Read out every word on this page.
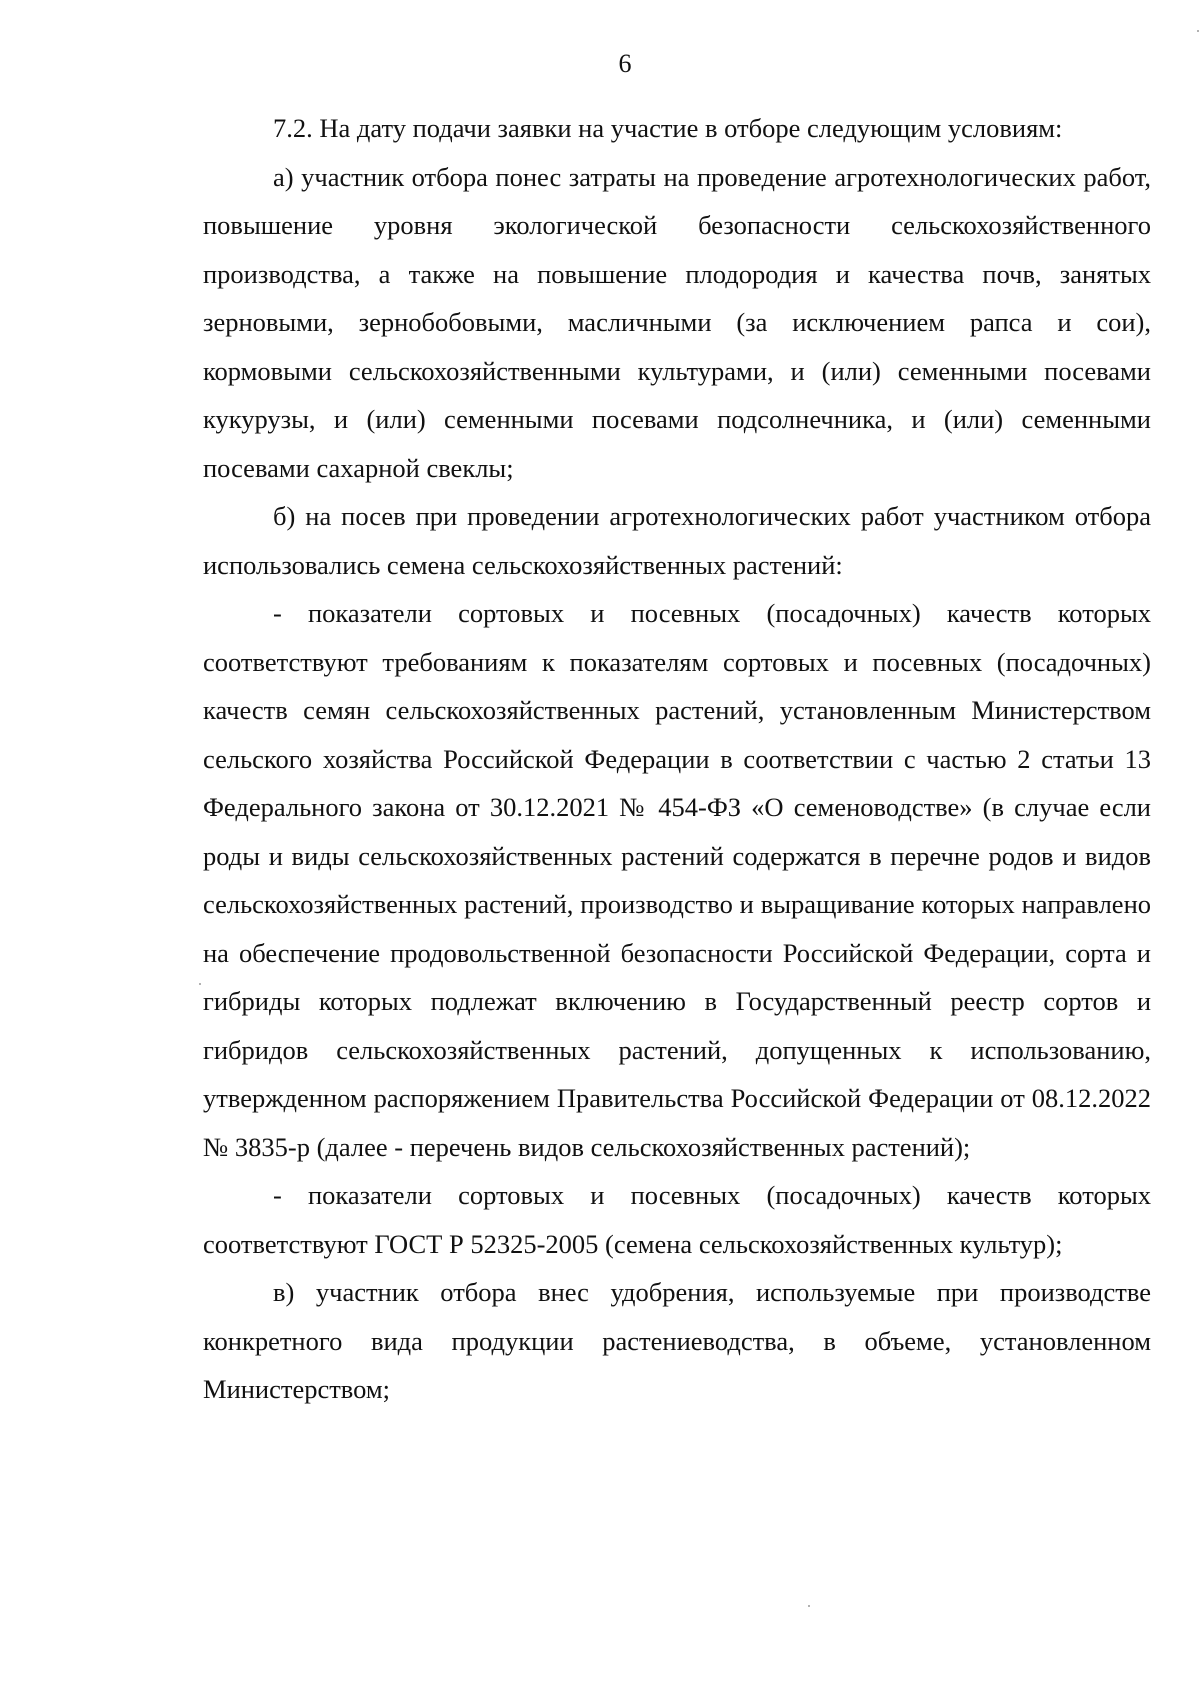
6

7.2. На дату подачи заявки на участие в отборе следующим условиям:

а) участник отбора понес затраты на проведение агротехнологических работ, повышение уровня экологической безопасности сельскохозяйственного производства, а также на повышение плодородия и качества почв, занятых зерновыми, зернобобовыми, масличными (за исключением рапса и сои), кормовыми сельскохозяйственными культурами, и (или) семенными посевами кукурузы, и (или) семенными посевами подсолнечника, и (или) семенными посевами сахарной свеклы;

б) на посев при проведении агротехнологических работ участником отбора использовались семена сельскохозяйственных растений:

- показатели сортовых и посевных (посадочных) качеств которых соответствуют требованиям к показателям сортовых и посевных (посадочных) качеств семян сельскохозяйственных растений, установленным Министерством сельского хозяйства Российской Федерации в соответствии с частью 2 статьи 13 Федерального закона от 30.12.2021 № 454-ФЗ «О семеноводстве» (в случае если роды и виды сельскохозяйственных растений содержатся в перечне родов и видов сельскохозяйственных растений, производство и выращивание которых направлено на обеспечение продовольственной безопасности Российской Федерации, сорта и гибриды которых подлежат включению в Государственный реестр сортов и гибридов сельскохозяйственных растений, допущенных к использованию, утвержденном распоряжением Правительства Российской Федерации от 08.12.2022 № 3835-р (далее - перечень видов сельскохозяйственных растений);

- показатели сортовых и посевных (посадочных) качеств которых соответствуют ГОСТ Р 52325-2005 (семена сельскохозяйственных культур);

в) участник отбора внес удобрения, используемые при производстве конкретного вида продукции растениеводства, в объеме, установленном Министерством;
